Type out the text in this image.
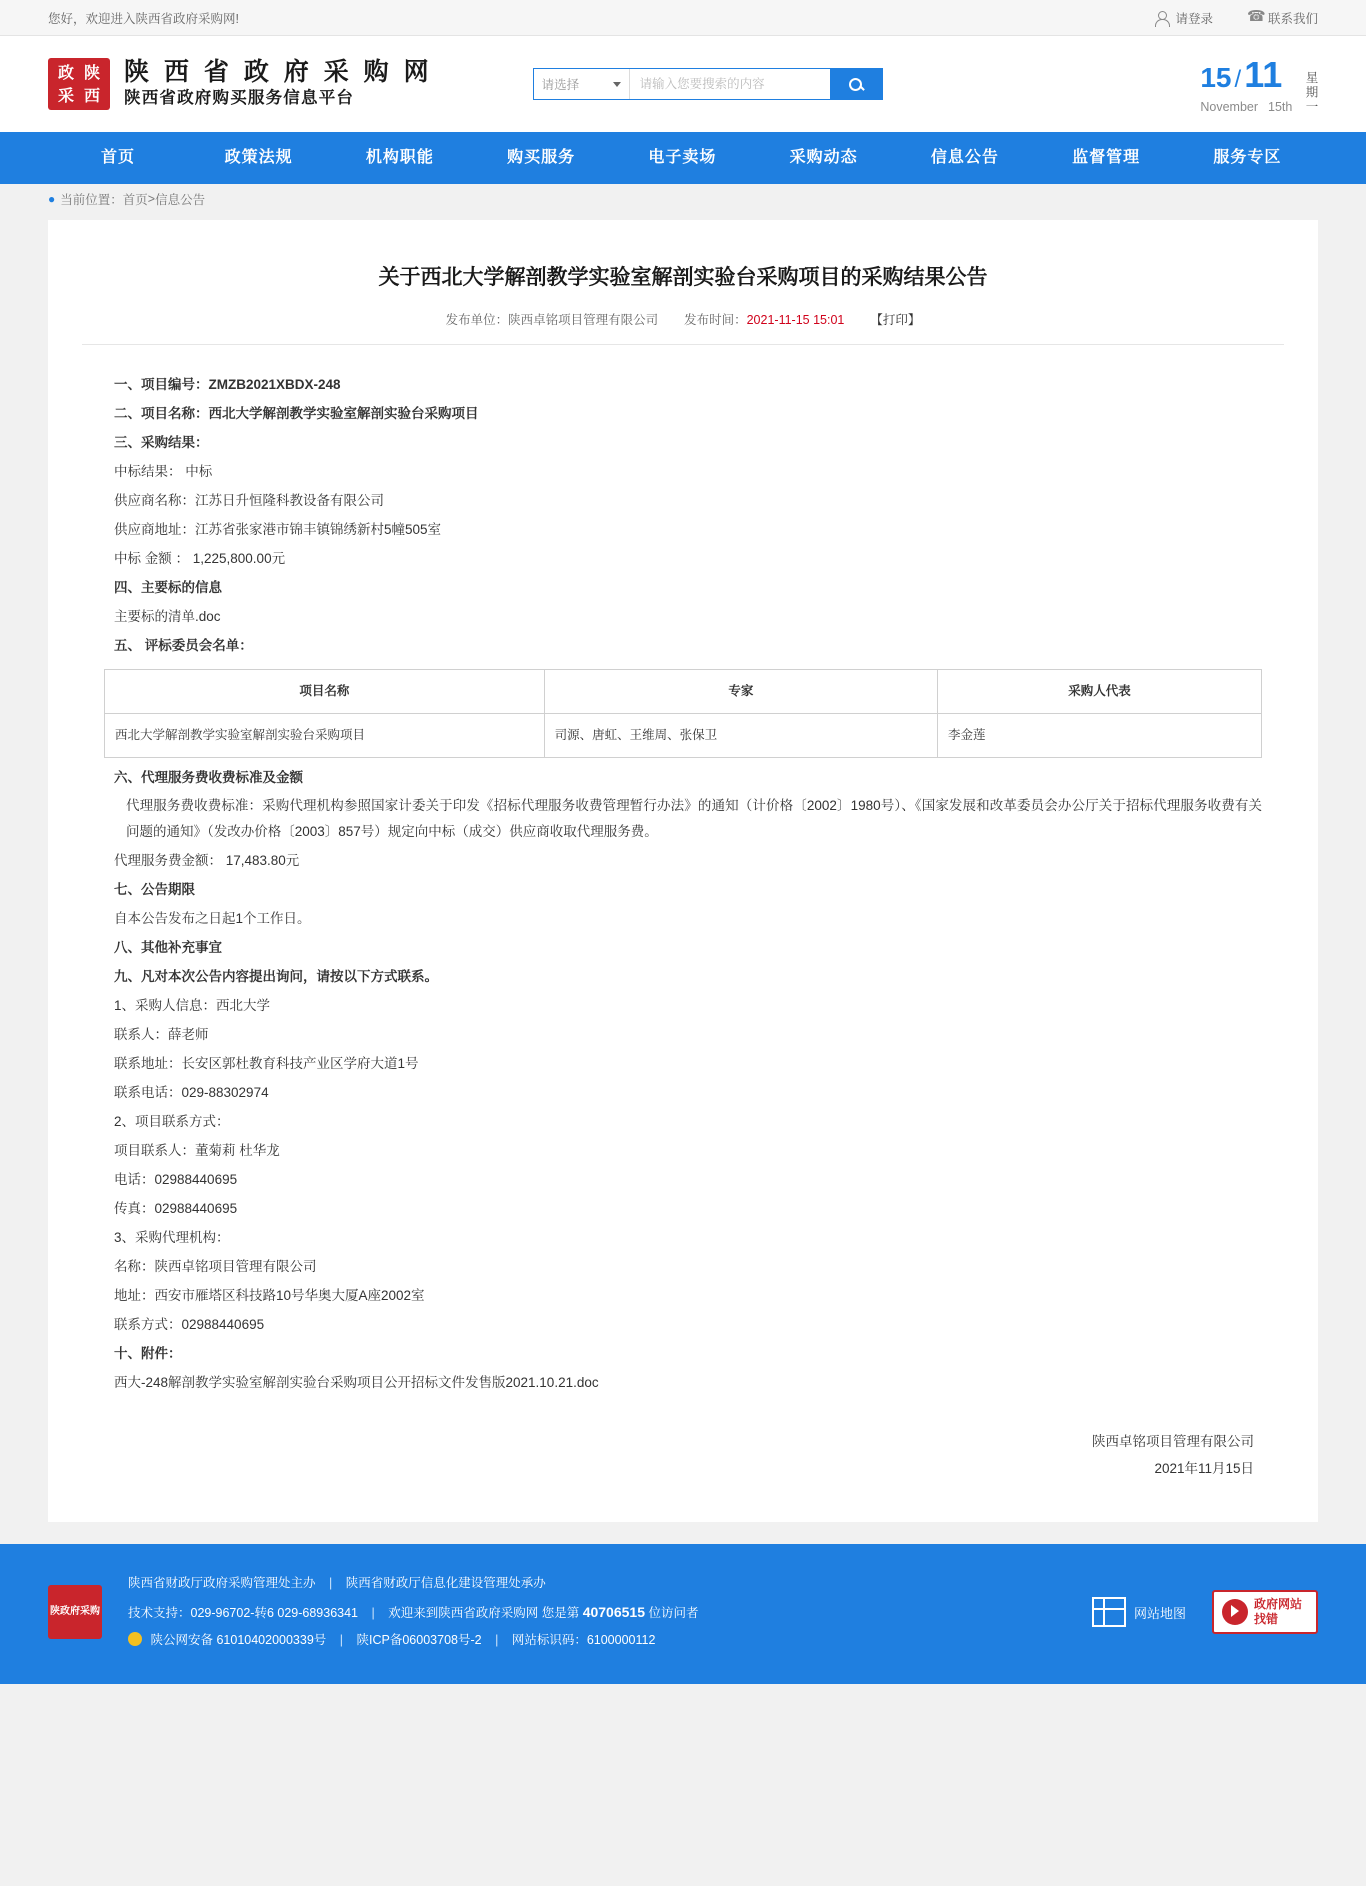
您好，欢迎进入陕西省政府采购网!	请登录 ☎	联系我们
政 陕
采 西
陕 西 省 政 府 采 购 网
陕西省政府购买服务信息平台
请选择
请输入您要搜索的内容	15 / 11
November 15th 星期一
首页	政策法规	机构职能	购买服务	电子卖场	采购动态	信息公告	监督管理	服务专区
● 当前位置： 首页 > 信息公告
关于西北大学解剖教学实验室解剖实验台采购项目的采购结果公告
发布单位：陕西卓铭项目管理有限公司 发布时间：2021-11-15 15:01 【打印】

一、项目编号：ZMZB2021XBDX-248

二、项目名称：西北大学解剖教学实验室解剖实验台采购项目

三、采购结果：

中标结果： 中标

供应商名称：江苏日升恒隆科教设备有限公司

供应商地址：江苏省张家港市锦丰镇锦绣新村5幢505室

中标 金额 ： 1,225,800.00元

四、主要标的信息

主要标的清单.doc

五、 评标委员会名单：

项目名称	专家	采购人代表
西北大学解剖教学实验室解剖实验台采购项目	司源、唐虹、王维周、张保卫	李金莲

六、代理服务费收费标准及金额

代理服务费收费标准：采购代理机构参照国家计委关于印发《招标代理服务收费管理暂行办法》的通知（计价格〔2002〕1980号）、《国家发展和改革委员会办公厅关于招标代理服务收费有关问题的通知》（发改办价格〔2003〕857号）规定向中标（成交）供应商收取代理服务费。

代理服务费金额： 17,483.80元

七、公告期限

自本公告发布之日起1个工作日。

八、其他补充事宜

九、凡对本次公告内容提出询问，请按以下方式联系。

1、采购人信息：西北大学

联系人：薛老师

联系地址：长安区郭杜教育科技产业区学府大道1号

联系电话：029-88302974

2、项目联系方式：

项目联系人：董菊莉 杜华龙

电话：02988440695

传真：02988440695

3、采购代理机构：

名称：陕西卓铭项目管理有限公司

地址：西安市雁塔区科技路10号华奥大厦A座2002室

联系方式：02988440695

十、附件：

西大-248解剖教学实验室解剖实验台采购项目公开招标文件发售版2021.10.21.doc

陕西卓铭项目管理有限公司
2021年11月15日
陕政府采购
陕西省财政厅政府采购管理处主办 | 陕西省财政厅信息化建设管理处承办
技术支持：029-96702-转6 029-68936341 | 欢迎来到陕西省政府采购网 您是第 40706515 位访问者
陕公网安备 61010402000339号 | 陕ICP备06003708号-2 | 网站标识码：6100000112
网站地图
政府网站
找错
